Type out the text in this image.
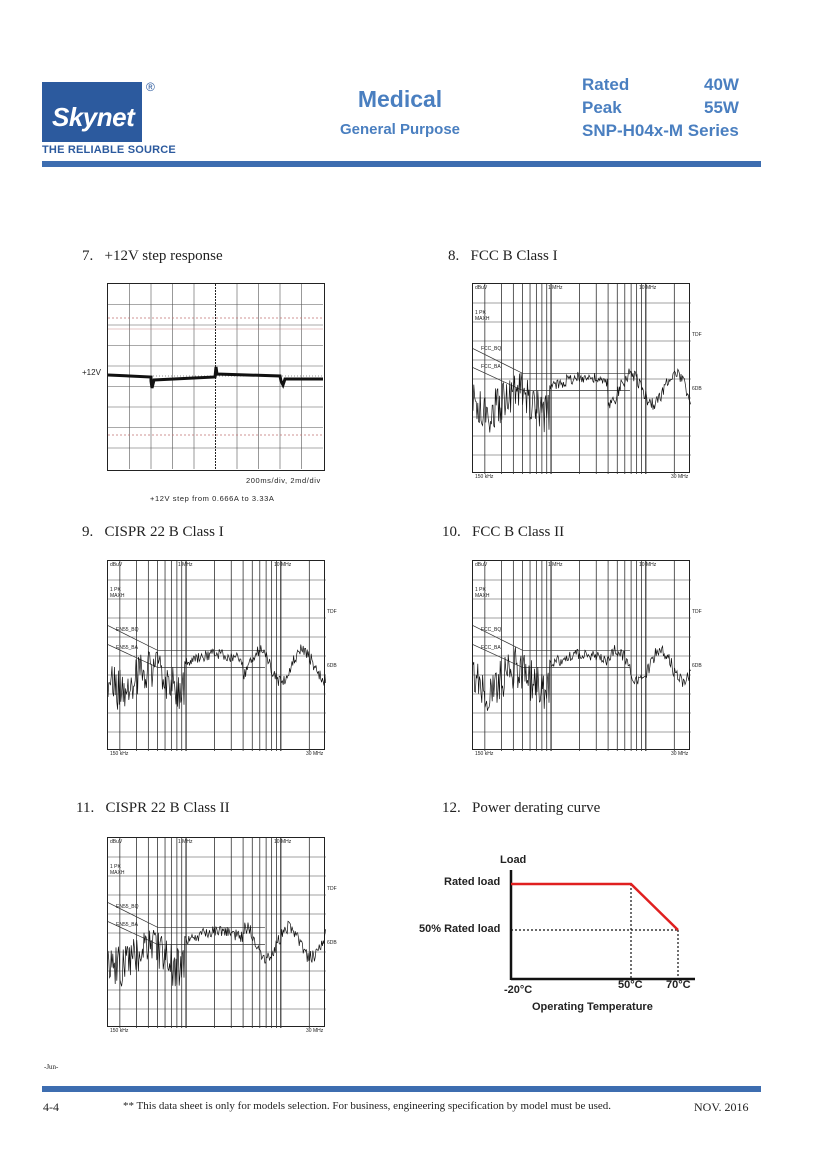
Skynet
®
THE RELIABLE SOURCE
Medical
General Purpose
Rated	40W
Peak	55W
SNP-H04x-M Series
7. +12V step response	8. FCC B Class I
9. CISPR 22 B Class I	10. FCC B Class II
11. CISPR 22 B Class II	12. Power derating curve
+12V
200ms/div, 2md/div
+12V step from 0.666A to 3.33A
dBuV
1 PK
MAXH
1 MHz	10 MHz
150 kHz	30 MHz
TDF
6DB
FCC_BQ
FCC_BA
dBuV
1 PK
MAXH
1 MHz	10 MHz
150 kHz	30 MHz
TDF
6DB
EN55_BQ
EN55_BA
dBuV
1 PK
MAXH
1 MHz	10 MHz
150 kHz	30 MHz
TDF
6DB
FCC_BQ
FCC_BA
dBuV
1 PK
MAXH
1 MHz	10 MHz
150 kHz	30 MHz
TDF
6DB
EN55_BQ
EN55_BA
Load
Rated load
50% Rated load
-20°C	50°C 70°C
Operating Temperature
-Jun-
4-4	** This data sheet is only for models selection. For business, engineering specification by model must be used.	NOV. 2016
